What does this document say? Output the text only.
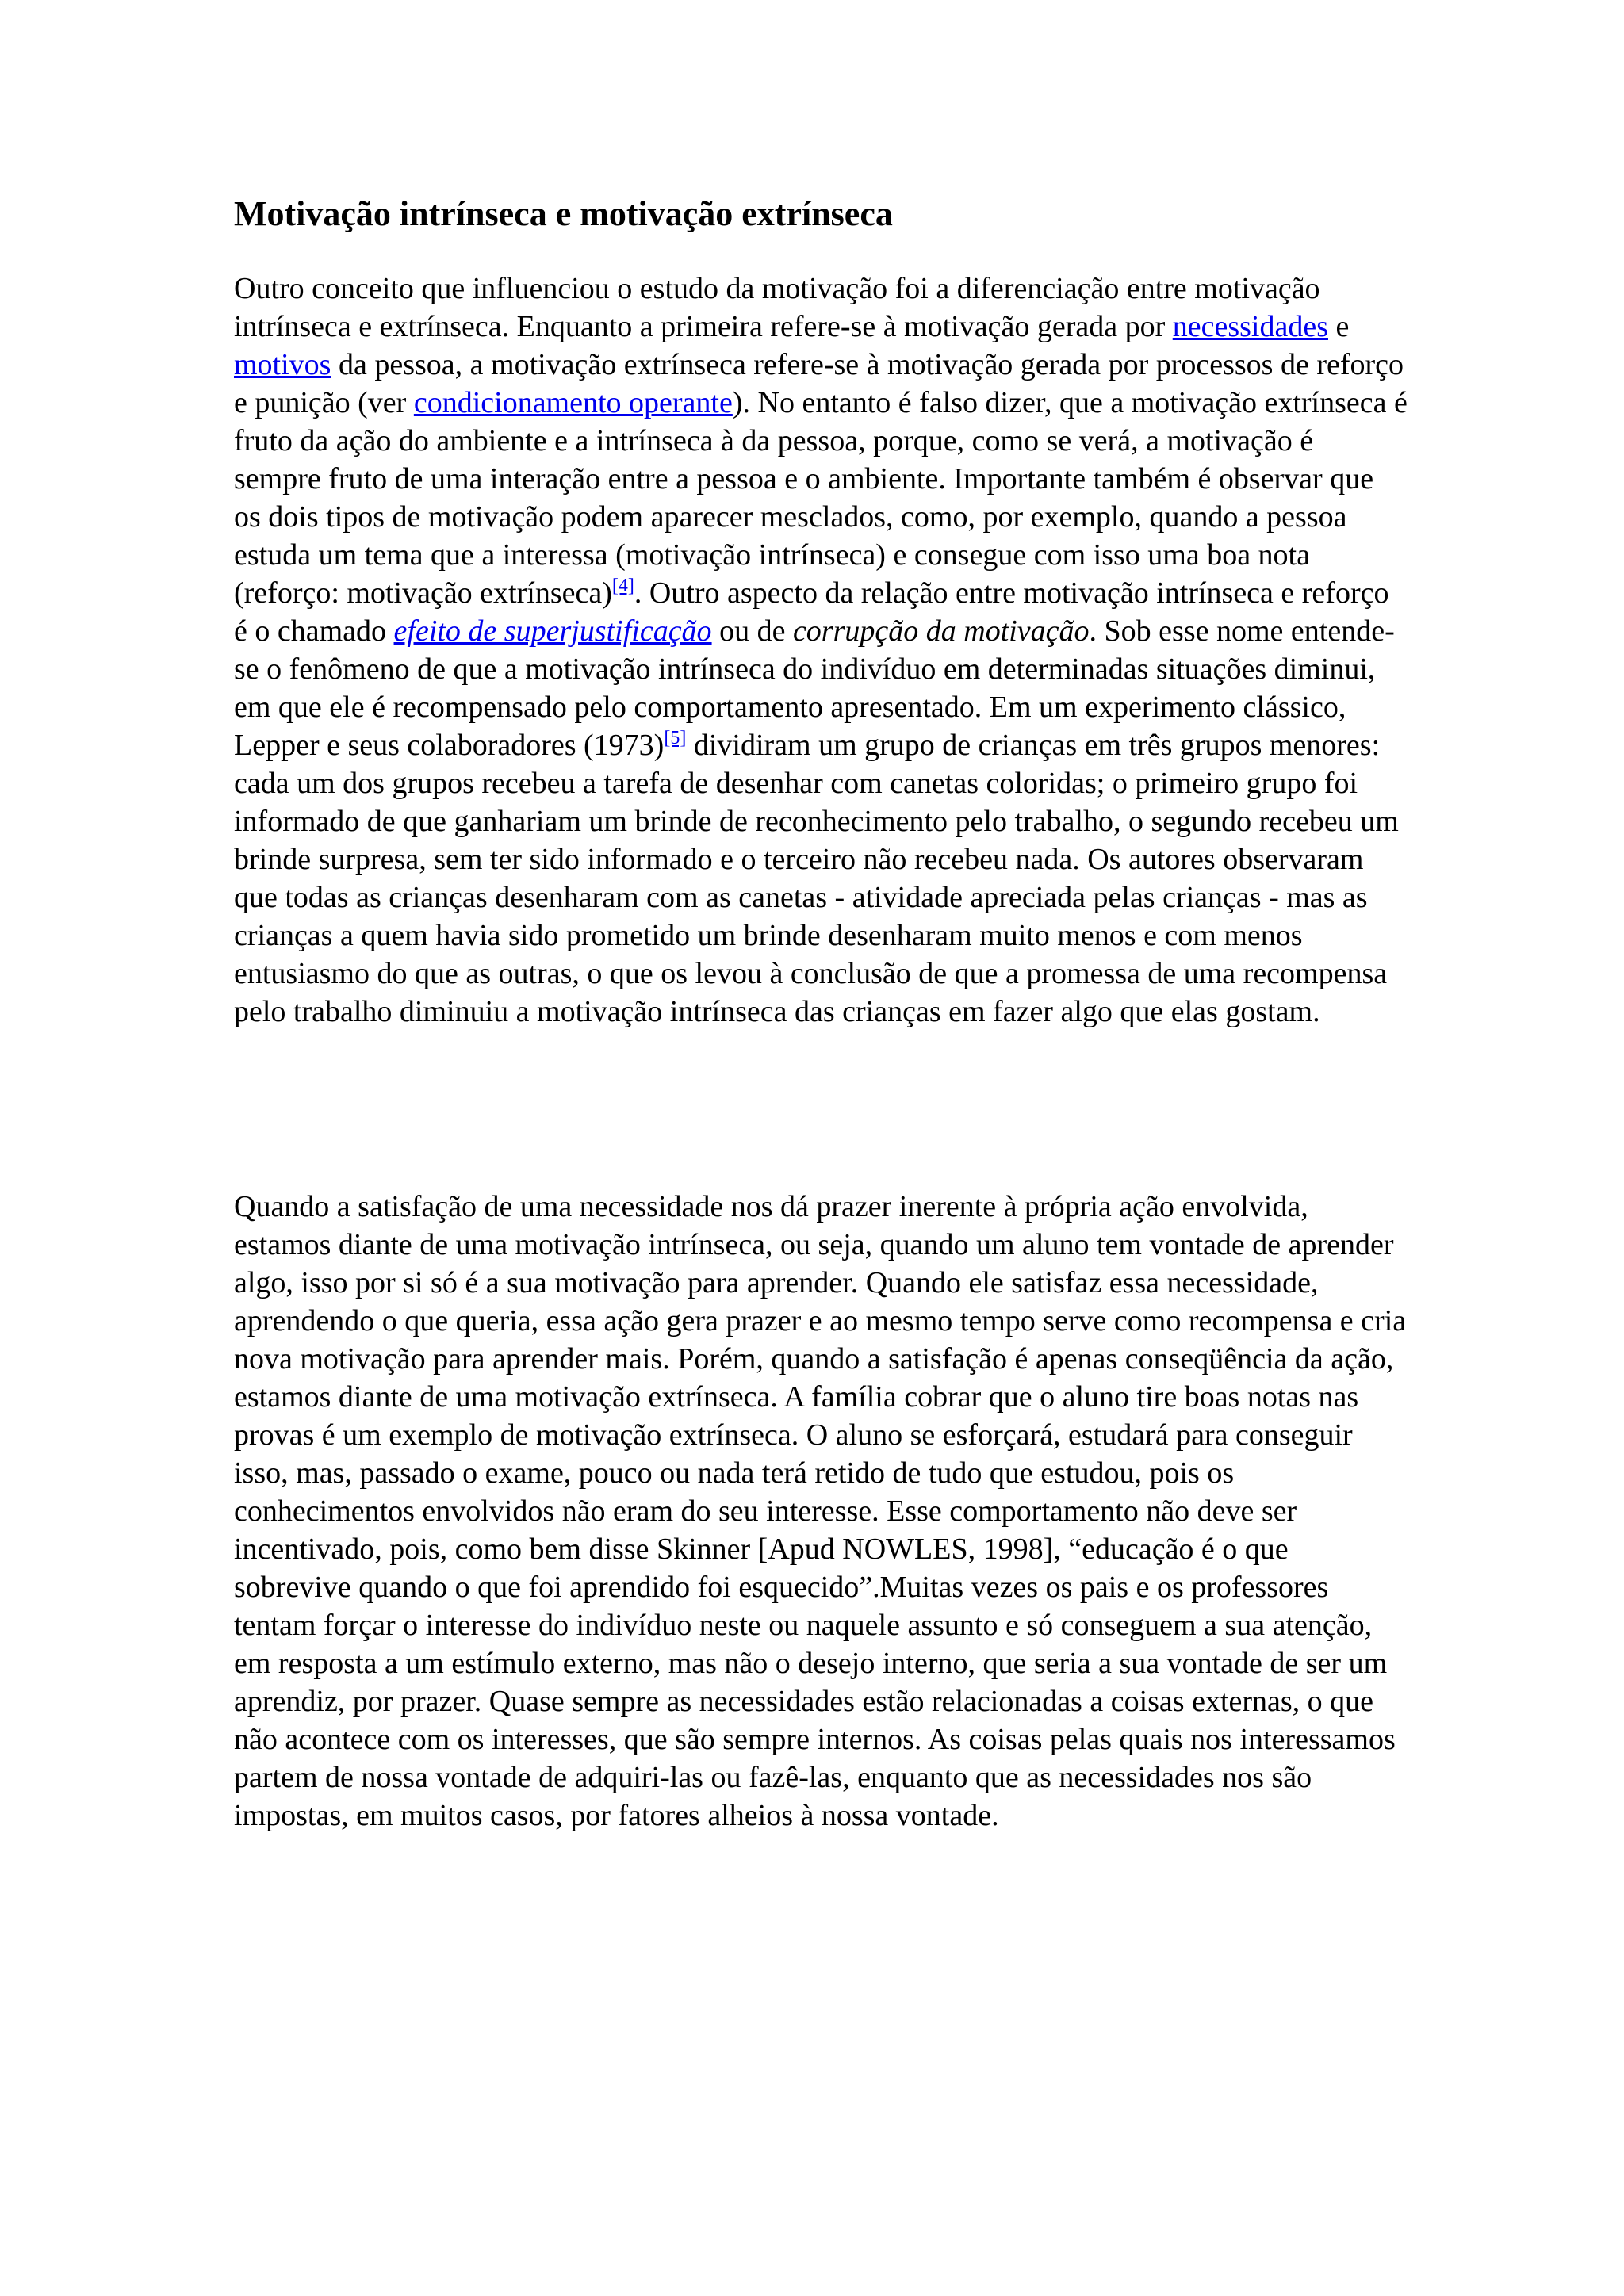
Motivação intrínseca e motivação extrínseca

Outro conceito que influenciou o estudo da motivação foi a diferenciação entre motivação intrínseca e extrínseca. Enquanto a primeira refere-se à motivação gerada por necessidades e motivos da pessoa, a motivação extrínseca refere-se à motivação gerada por processos de reforço e punição (ver condicionamento operante). No entanto é falso dizer, que a motivação extrínseca é fruto da ação do ambiente e a intrínseca à da pessoa, porque, como se verá, a motivação é sempre fruto de uma interação entre a pessoa e o ambiente. Importante também é observar que os dois tipos de motivação podem aparecer mesclados, como, por exemplo, quando a pessoa estuda um tema que a interessa (motivação intrínseca) e consegue com isso uma boa nota (reforço: motivação extrínseca)[4]. Outro aspecto da relação entre motivação intrínseca e reforço é o chamado efeito de superjustificação ou de corrupção da motivação. Sob esse nome entende-se o fenômeno de que a motivação intrínseca do indivíduo em determinadas situações diminui, em que ele é recompensado pelo comportamento apresentado. Em um experimento clássico, Lepper e seus colaboradores (1973)[5] dividiram um grupo de crianças em três grupos menores: cada um dos grupos recebeu a tarefa de desenhar com canetas coloridas; o primeiro grupo foi informado de que ganhariam um brinde de reconhecimento pelo trabalho, o segundo recebeu um brinde surpresa, sem ter sido informado e o terceiro não recebeu nada. Os autores observaram que todas as crianças desenharam com as canetas - atividade apreciada pelas crianças - mas as crianças a quem havia sido prometido um brinde desenharam muito menos e com menos entusiasmo do que as outras, o que os levou à conclusão de que a promessa de uma recompensa pelo trabalho diminuiu a motivação intrínseca das crianças em fazer algo que elas gostam.

Quando a satisfação de uma necessidade nos dá prazer inerente à própria ação envolvida, estamos diante de uma motivação intrínseca, ou seja, quando um aluno tem vontade de aprender algo, isso por si só é a sua motivação para aprender. Quando ele satisfaz essa necessidade, aprendendo o que queria, essa ação gera prazer e ao mesmo tempo serve como recompensa e cria nova motivação para aprender mais. Porém, quando a satisfação é apenas conseqüência da ação, estamos diante de uma motivação extrínseca. A família cobrar que o aluno tire boas notas nas provas é um exemplo de motivação extrínseca. O aluno se esforçará, estudará para conseguir isso, mas, passado o exame, pouco ou nada terá retido de tudo que estudou, pois os conhecimentos envolvidos não eram do seu interesse. Esse comportamento não deve ser incentivado, pois, como bem disse Skinner [Apud NOWLES, 1998], “educação é o que sobrevive quando o que foi aprendido foi esquecido”.Muitas vezes os pais e os professores tentam forçar o interesse do indivíduo neste ou naquele assunto e só conseguem a sua atenção, em resposta a um estímulo externo, mas não o desejo interno, que seria a sua vontade de ser um aprendiz, por prazer. Quase sempre as necessidades estão relacionadas a coisas externas, o que não acontece com os interesses, que são sempre internos. As coisas pelas quais nos interessamos partem de nossa vontade de adquiri-las ou fazê-las, enquanto que as necessidades nos são impostas, em muitos casos, por fatores alheios à nossa vontade.
